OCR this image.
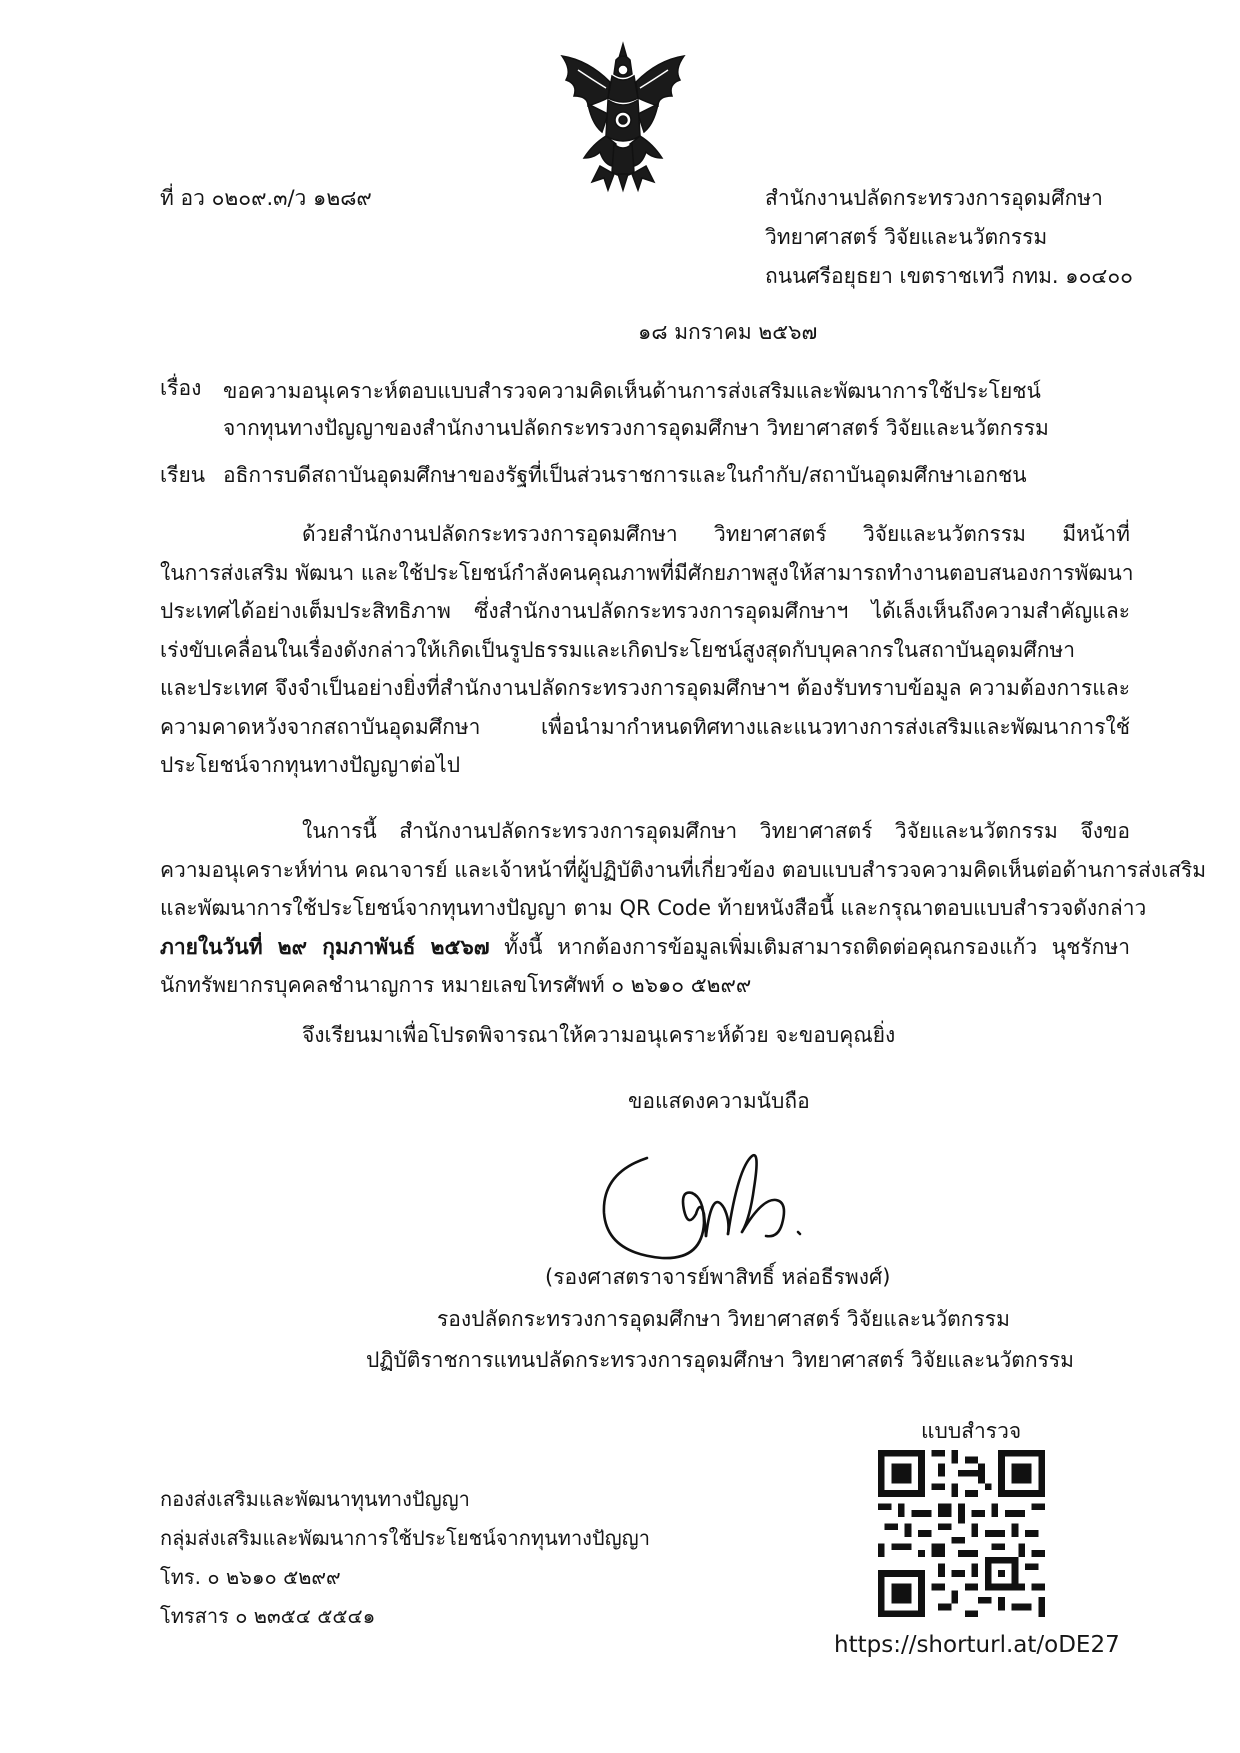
ที่ อว ๐๒๐๙.๓/ว ๑๒๘๙	สำนักงานปลัดกระทรวงการอุดมศึกษา
วิทยาศาสตร์ วิจัยและนวัตกรรม
ถนนศรีอยุธยา เขตราชเทวี กทม. ๑๐๔๐๐
๑๘ มกราคม ๒๕๖๗
เรื่อง ขอความอนุเคราะห์ตอบแบบสำรวจความคิดเห็นด้านการส่งเสริมและพัฒนาการใช้ประโยชน์
จากทุนทางปัญญาของสำนักงานปลัดกระทรวงการอุดมศึกษา วิทยาศาสตร์ วิจัยและนวัตกรรม
เรียน อธิการบดีสถาบันอุดมศึกษาของรัฐที่เป็นส่วนราชการและในกำกับ/สถาบันอุดมศึกษาเอกชน
ด้วยสำนักงานปลัดกระทรวงการอุดมศึกษา วิทยาศาสตร์ วิจัยและนวัตกรรม มีหน้าที่
ในการส่งเสริม พัฒนา และใช้ประโยชน์กำลังคนคุณภาพที่มีศักยภาพสูงให้สามารถทำงานตอบสนองการพัฒนา
ประเทศได้อย่างเต็มประสิทธิภาพ ซึ่งสำนักงานปลัดกระทรวงการอุดมศึกษาฯ ได้เล็งเห็นถึงความสำคัญและ
เร่งขับเคลื่อนในเรื่องดังกล่าวให้เกิดเป็นรูปธรรมและเกิดประโยชน์สูงสุดกับบุคลากรในสถาบันอุดมศึกษา
และประเทศ จึงจำเป็นอย่างยิ่งที่สำนักงานปลัดกระทรวงการอุดมศึกษาฯ ต้องรับทราบข้อมูล ความต้องการและ
ความคาดหวังจากสถาบันอุดมศึกษา เพื่อนำมากำหนดทิศทางและแนวทางการส่งเสริมและพัฒนาการใช้
ประโยชน์จากทุนทางปัญญาต่อไป
ในการนี้ สำนักงานปลัดกระทรวงการอุดมศึกษา วิทยาศาสตร์ วิจัยและนวัตกรรม จึงขอ
ความอนุเคราะห์ท่าน คณาจารย์ และเจ้าหน้าที่ผู้ปฏิบัติงานที่เกี่ยวข้อง ตอบแบบสำรวจความคิดเห็นต่อด้านการส่งเสริม
และพัฒนาการใช้ประโยชน์จากทุนทางปัญญา ตาม QR Code ท้ายหนังสือนี้ และกรุณาตอบแบบสำรวจดังกล่าว
ภายในวันที่ ๒๙ กุมภาพันธ์ ๒๕๖๗ ทั้งนี้ หากต้องการข้อมูลเพิ่มเติมสามารถติดต่อคุณกรองแก้ว นุชรักษา
นักทรัพยากรบุคคลชำนาญการ หมายเลขโทรศัพท์ ๐ ๒๖๑๐ ๕๒๙๙
จึงเรียนมาเพื่อโปรดพิจารณาให้ความอนุเคราะห์ด้วย จะขอบคุณยิ่ง
ขอแสดงความนับถือ
(รองศาสตราจารย์พาสิทธิ์ หล่อธีรพงศ์)
รองปลัดกระทรวงการอุดมศึกษา วิทยาศาสตร์ วิจัยและนวัตกรรม
ปฏิบัติราชการแทนปลัดกระทรวงการอุดมศึกษา วิทยาศาสตร์ วิจัยและนวัตกรรม
แบบสำรวจ
https://shorturl.at/oDE27
กองส่งเสริมและพัฒนาทุนทางปัญญา
กลุ่มส่งเสริมและพัฒนาการใช้ประโยชน์จากทุนทางปัญญา
โทร. ๐ ๒๖๑๐ ๕๒๙๙
โทรสาร ๐ ๒๓๕๔ ๕๕๔๑
